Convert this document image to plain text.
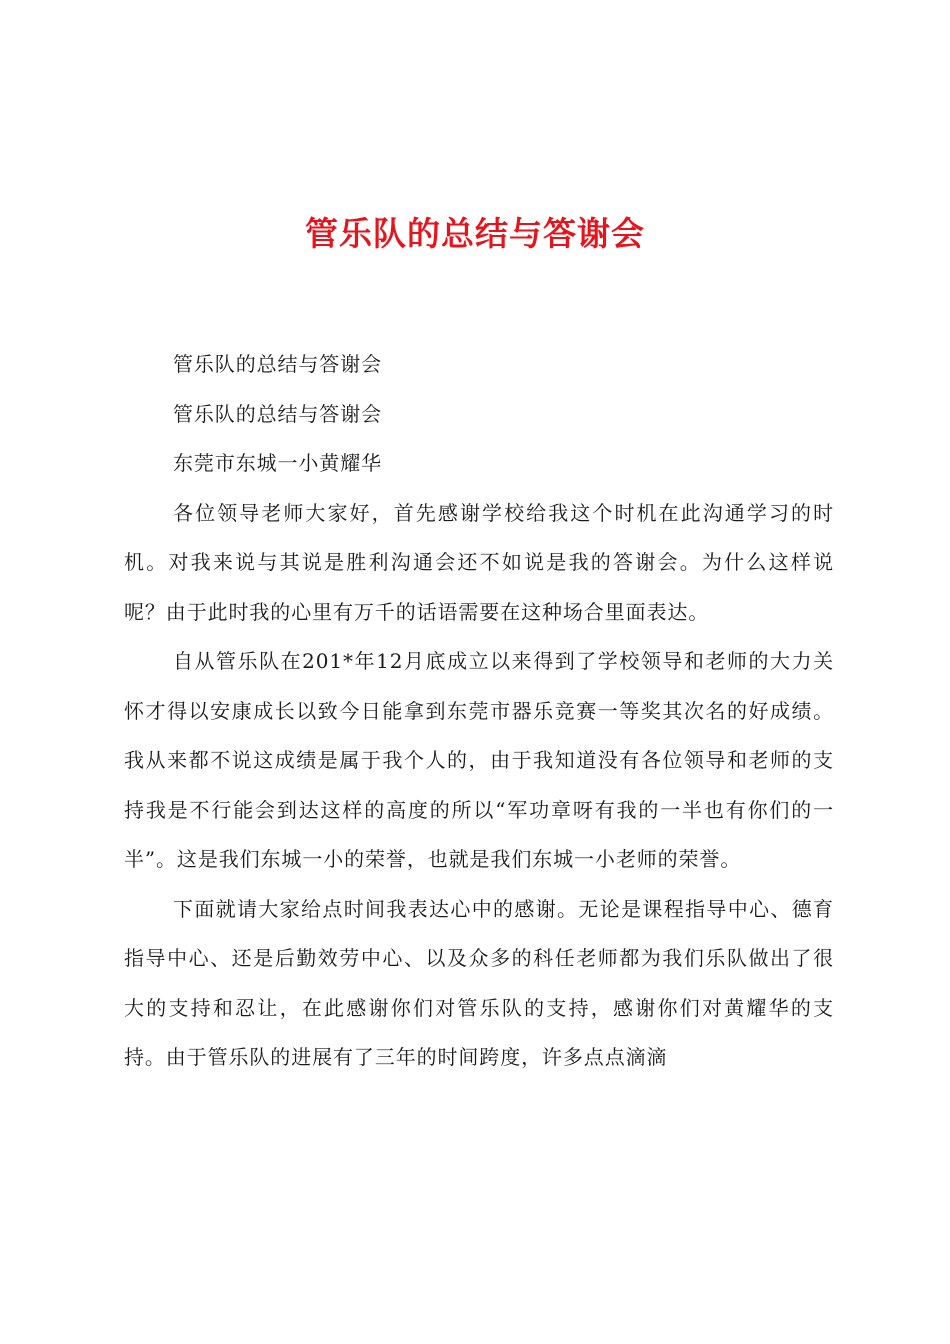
管乐队的总结与答谢会

管乐队的总结与答谢会

管乐队的总结与答谢会

东莞市东城一小黄耀华

各位领导老师大家好，首先感谢学校给我这个时机在此沟通学习的时机。对我来说与其说是胜利沟通会还不如说是我的答谢会。为什么这样说呢？由于此时我的心里有万千的话语需要在这种场合里面表达。

自从管乐队在201*年12月底成立以来得到了学校领导和老师的大力关怀才得以安康成长以致今日能拿到东莞市器乐竞赛一等奖其次名的好成绩。我从来都不说这成绩是属于我个人的，由于我知道没有各位领导和老师的支持我是不行能会到达这样的高度的所以“军功章呀有我的一半也有你们的一半”。这是我们东城一小的荣誉，也就是我们东城一小老师的荣誉。

下面就请大家给点时间我表达心中的感谢。无论是课程指导中心、德育指导中心、还是后勤效劳中心、以及众多的科任老师都为我们乐队做出了很大的支持和忍让，在此感谢你们对管乐队的支持，感谢你们对黄耀华的支持。由于管乐队的进展有了三年的时间跨度，许多点点滴滴
